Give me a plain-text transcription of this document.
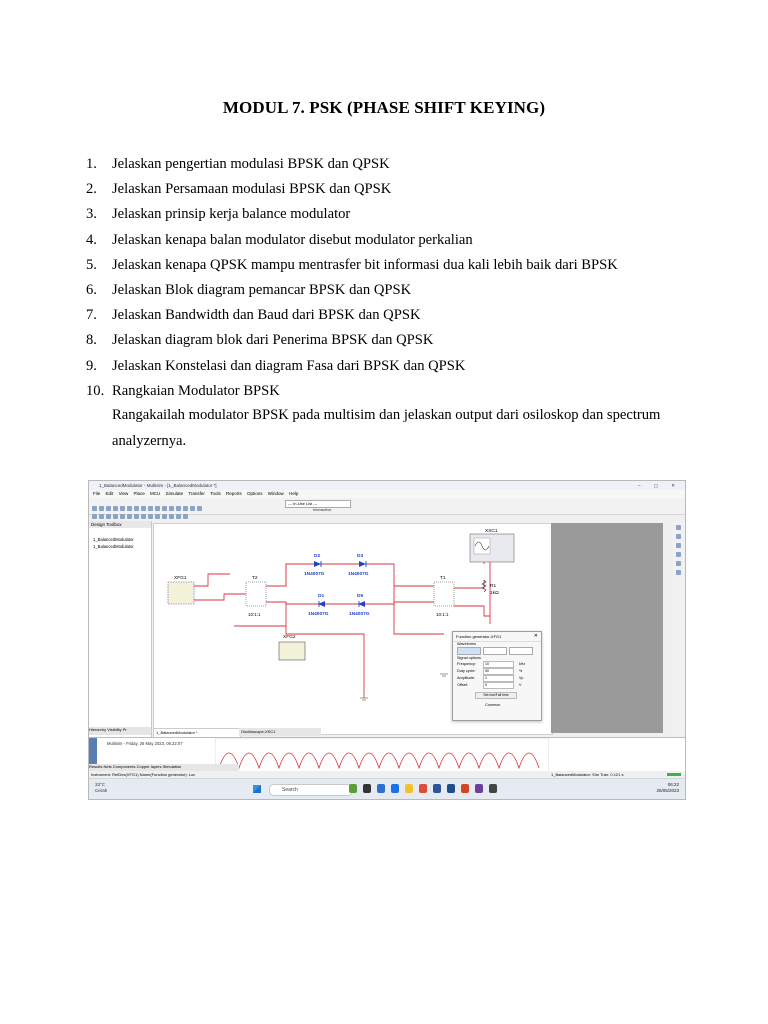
MODUL 7. PSK (PHASE SHIFT KEYING)
1. Jelaskan pengertian modulasi BPSK dan QPSK
2. Jelaskan Persamaan modulasi BPSK dan QPSK
3. Jelaskan prinsip kerja balance modulator
4. Jelaskan kenapa balan modulator disebut modulator perkalian
5. Jelaskan kenapa QPSK mampu mentrasfer bit informasi dua kali lebih baik dari BPSK
6. Jelaskan Blok diagram pemancar BPSK dan QPSK
7. Jelaskan Bandwidth dan Baud dari BPSK dan QPSK
8. Jelaskan diagram blok dari Penerima BPSK dan QPSK
9. Jelaskan Konstelasi dan diagram Fasa dari BPSK dan QPSK
10. Rangkaian Modulator BPSK
Rangakailah modulator BPSK pada multisim dan jelaskan output dari osiloskop dan spectrum analyzernya.
1_BalancedModulator - Multisim - [1_BalancedModulator *]	– ▢ ✕
File Edit View Place MCU Simulate Transfer Tools Reports Options Window Help
--- In-Use List ---
Interactive
Design Toolbox
1_BalancedModulator
1_BalancedModulator
Hierarchy Visibility Pr
D2
1N4007G
D3
1N4007G
D1
1N4007G
D5
1N4007G
T2
10:1:1
T1
10:1:1
R1
1kΩ
XFG1
XFG2
XSC1
Function generator-XFG1	✕
Waveforms
Signal options
Frequency:	10	kHz
Duty cycle:	50	%
Amplitude:	1	Vp
Offset:	0	V
Set rise/Fall time
Common
1_BalancedModulator *	Oscilloscope-XSC1
Multisim - Friday, 26 May 2023, 06:22:07
Results Nets Components Copper layers Simulation
Instrument: RefDes(XFG1) Name(Function generator): Loc	1_BalancedModulator: Sim Tran: 0.121 s
33°C
Cerah	Search
06:22
26/05/2023
